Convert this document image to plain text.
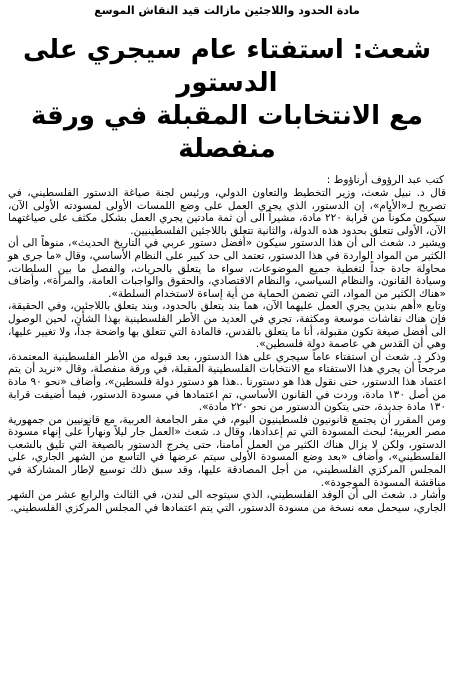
مادة الحدود واللاجئين مازالت قيد النقاش الموسع

شعث: استفتاء عام سيجري على الدستور
مع الانتخابات المقبلة في ورقة منفصلة

كتب عبد الرؤوف أرناؤوط :

قال د. نبيل شعث، وزير التخطيط والتعاون الدولي، ورئيس لجنة صياغة الدستور الفلسطيني، في تصريح لـ«الأيام»، إن الدستور، الذي يجري العمل على وضع اللمسات الأولى لمسودته الأولى الآن، سيكون مكوناً من قرابة ٢٢٠ مادة، مشيراً الى أن ثمة مادتين يجري العمل بشكل مكثف على صياغتهما الآن، الأولى تتعلق بحدود هذه الدولة، والثانية تتعلق باللاجئين الفلسطينيين.

ويشير د. شعث الى أن هذا الدستور سيكون «أفضل دستور عربي في التاريخ الحديث»، منوهاً الى أن الكثير من المواد الواردة في هذا الدستور، تعتمد الى حد كبير على النظام الأساسي، وقال «ما جرى هو محاولة جادة جداً لتغطية جميع الموضوعات، سواء ما يتعلق بالحريات، والفصل ما بين السلطات، وسيادة القانون، والنظام السياسي، والنظام الاقتصادي، والحقوق والواجبات العامة، والمرأة»، وأضاف «هناك الكثير من المواد، التي تضمن الحماية من أية إساءة لاستخدام السلطة».

وتابع «أهم بندين يجري العمل عليهما الآن، هما بند يتعلق بالحدود، وبند يتعلق باللاجئين، وفي الحقيقة، فإن هناك نقاشات موسعة ومكثفة، تجري في العديد من الأطر الفلسطينية بهذا الشأن، لحين الوصول الى أفضل صيغة تكون مقبولة، أنا ما يتعلق بالقدس، فالمادة التي تتعلق بها واضحة جداً، ولا تغيير عليها، وهي أن القدس هي عاصمة دولة فلسطين».

وذكر د. شعث أن استفتاء عاماً سيجري على هذا الدستور، بعد قبوله من الأطر الفلسطينية المعتمدة، مرجحاً أن يجري هذا الاستفتاء مع الانتخابات الفلسطينية المقبلة، في ورقة منفصلة، وقال «نريد أن يتم اعتماد هذا الدستور، حتى نقول هذا هو دستورنا ..هذا هو دستور دولة فلسطين»، وأضاف «نحو ٩٠ مادة من أصل ١٣٠ مادة، وردت في القانون الأساسي، تم اعتمادها في مسودة الدستور، فيما أضيفت قرابة ١٣٠ مادة جديدة، حتى يتكون الدستور من نحو ٢٢٠ مادة».

ومن المقرر أن يجتمع قانونيون فلسطينيون اليوم، في مقر الجامعة العربية، مع قانونيين من جمهورية مصر العربية؛ لبحث المسودة التي تم إعدادها، وقال د. شعث «العمل جار ليلاً ونهاراً على إنهاء مسودة الدستور، ولكن لا يزال هناك الكثير من العمل أمامنا، حتى يخرج الدستور بالصيغة التي تليق بالشعب الفلسطيني»، وأضاف «بعد وضع المسودة الأولى سيتم عرضها في التاسع من الشهر الجاري، على المجلس المركزي الفلسطيني، من أجل المصادقة عليها، وقد سبق ذلك توسيع لإطار المشاركة في مناقشة المسودة الموجودة».

وأشار د. شعث الى أن الوفد الفلسطيني، الذي سيتوجه الى لندن، في الثالث والرابع عشر من الشهر الجاري، سيحمل معه نسخة من مسودة الدستور، التي يتم اعتمادها في المجلس المركزي الفلسطيني.
